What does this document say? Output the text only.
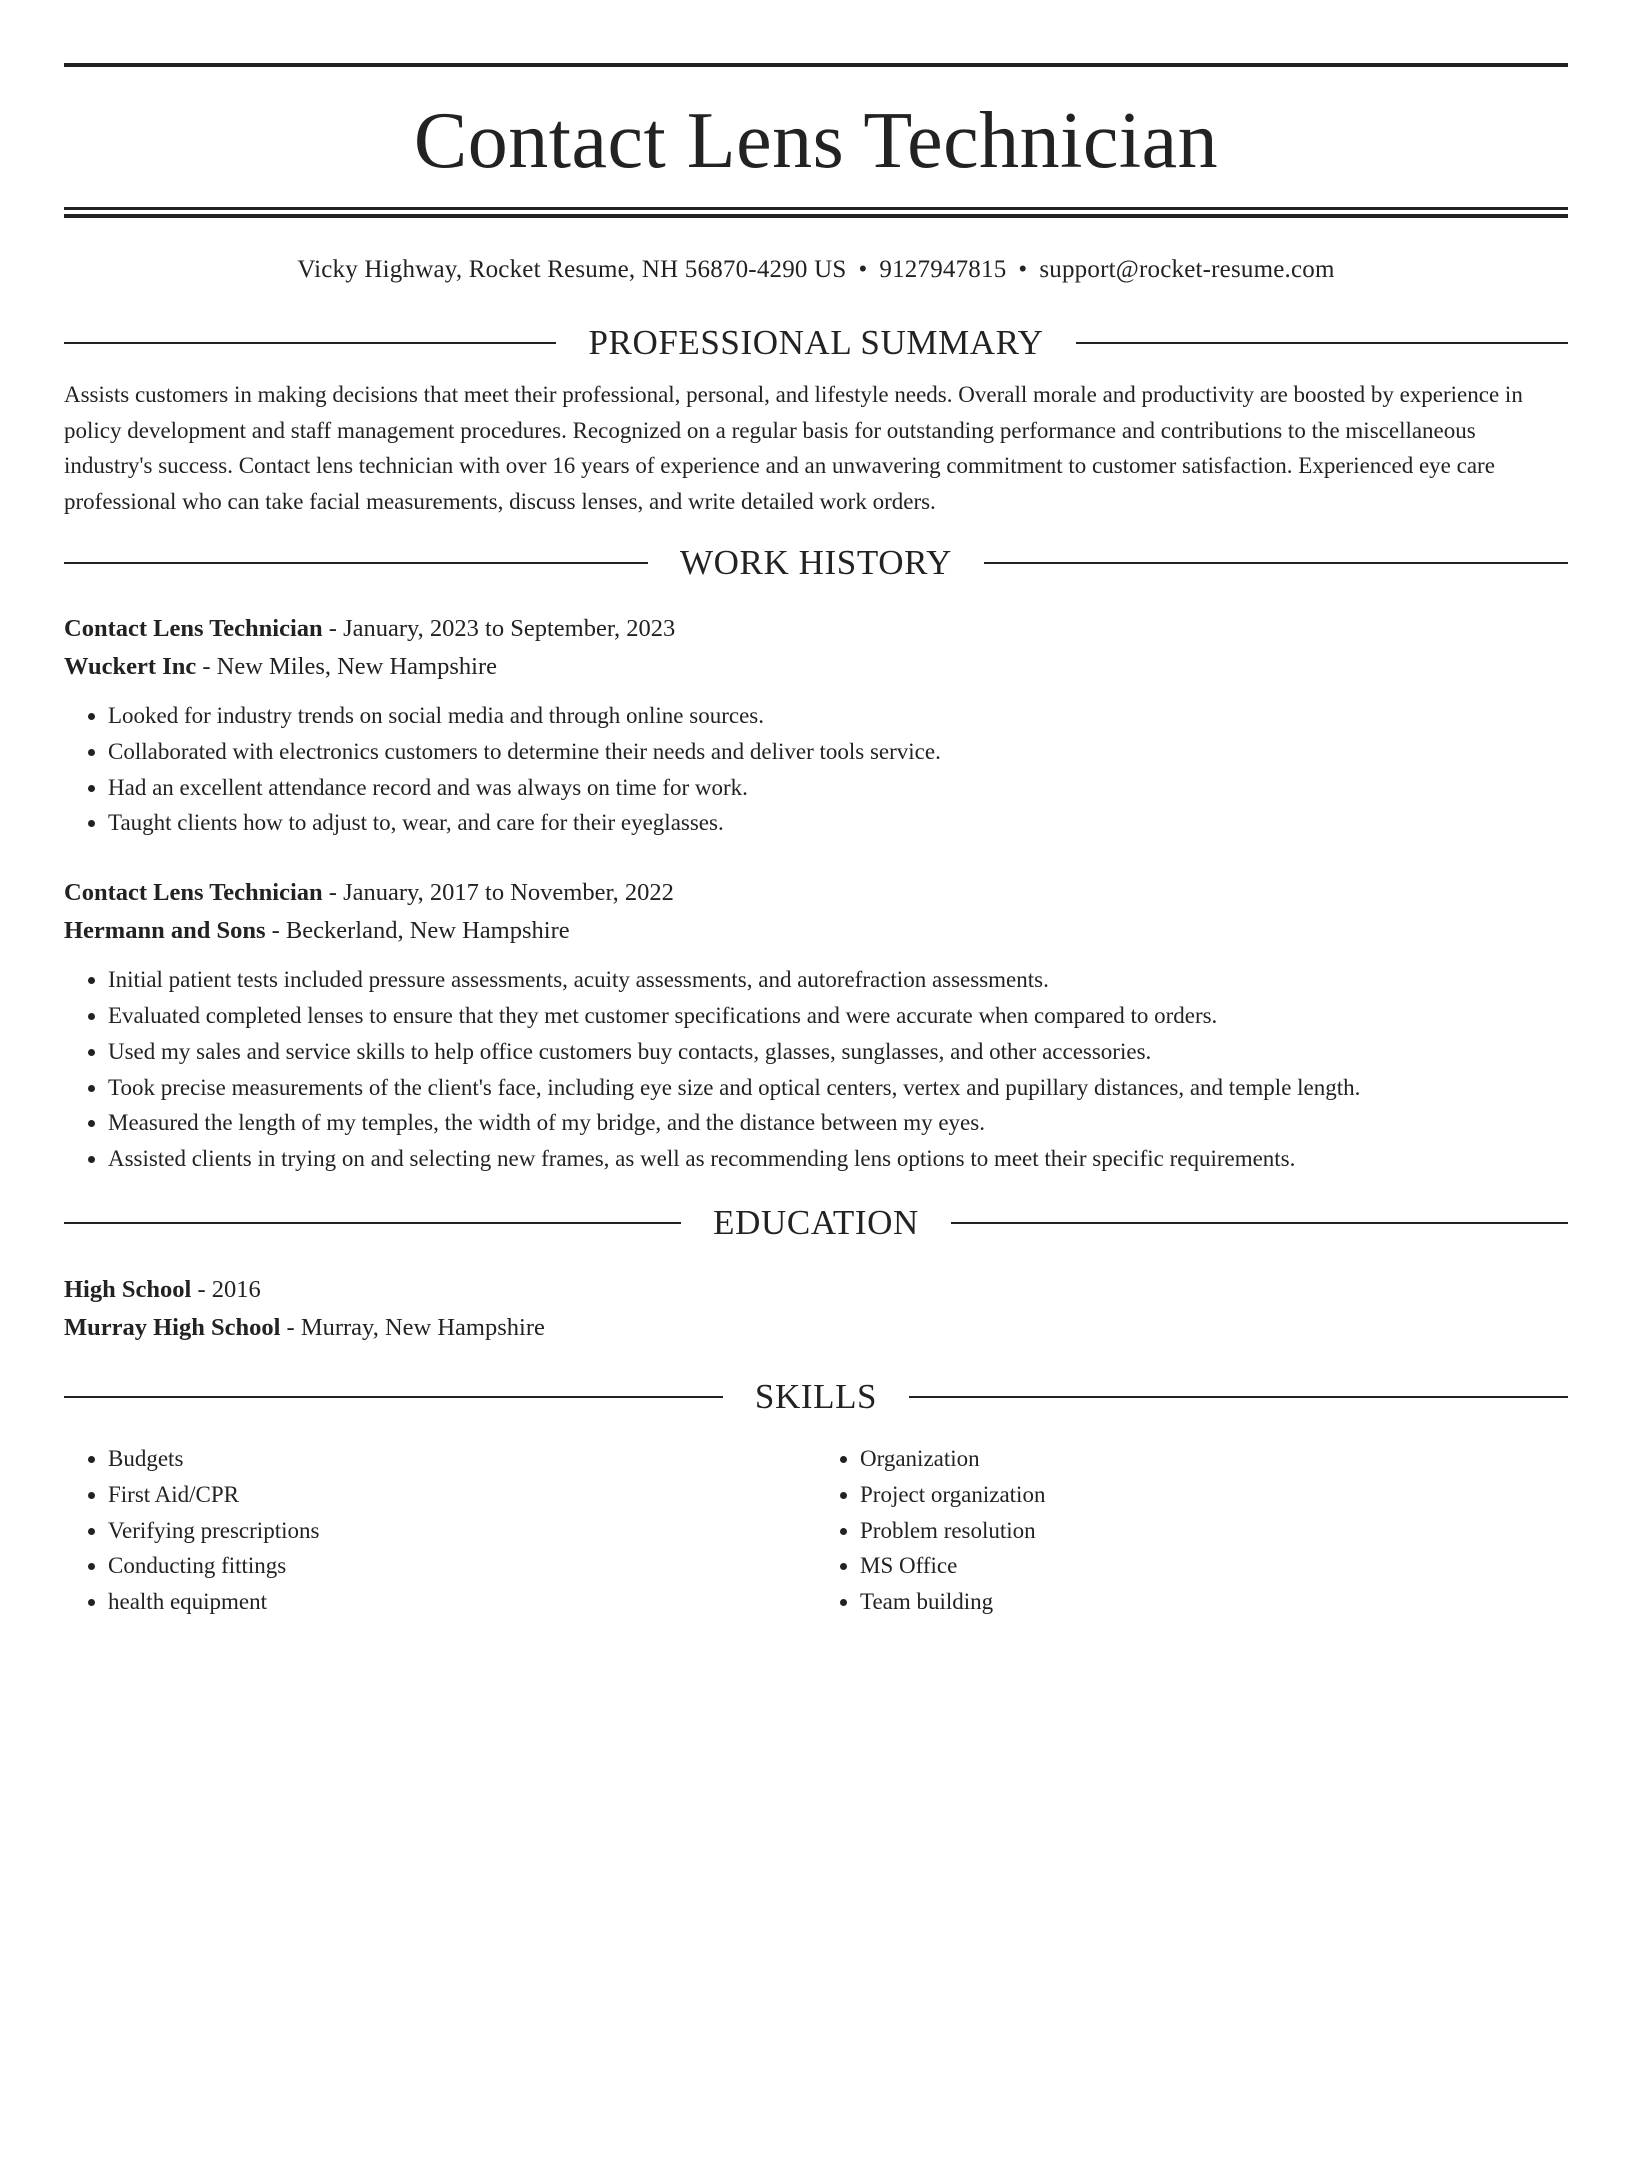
Contact Lens Technician
Vicky Highway, Rocket Resume, NH 56870-4290 US • 9127947815 • support@rocket-resume.com
PROFESSIONAL SUMMARY

Assists customers in making decisions that meet their professional, personal, and lifestyle needs. Overall morale and productivity are boosted by experience in policy development and staff management procedures. Recognized on a regular basis for outstanding performance and contributions to the miscellaneous industry's success. Contact lens technician with over 16 years of experience and an unwavering commitment to customer satisfaction. Experienced eye care professional who can take facial measurements, discuss lenses, and write detailed work orders.

WORK HISTORY
Contact Lens Technician - January, 2023 to September, 2023
Wuckert Inc - New Miles, New Hampshire
• Looked for industry trends on social media and through online sources.
• Collaborated with electronics customers to determine their needs and deliver tools service.
• Had an excellent attendance record and was always on time for work.
• Taught clients how to adjust to, wear, and care for their eyeglasses.
Contact Lens Technician - January, 2017 to November, 2022
Hermann and Sons - Beckerland, New Hampshire
• Initial patient tests included pressure assessments, acuity assessments, and autorefraction assessments.
• Evaluated completed lenses to ensure that they met customer specifications and were accurate when compared to orders.
• Used my sales and service skills to help office customers buy contacts, glasses, sunglasses, and other accessories.
• Took precise measurements of the client's face, including eye size and optical centers, vertex and pupillary distances, and temple length.
• Measured the length of my temples, the width of my bridge, and the distance between my eyes.
• Assisted clients in trying on and selecting new frames, as well as recommending lens options to meet their specific requirements.
EDUCATION
High School - 2016
Murray High School - Murray, New Hampshire
SKILLS
• Budgets
• First Aid/CPR
• Verifying prescriptions
• Conducting fittings
• health equipment
• Organization
• Project organization
• Problem resolution
• MS Office
• Team building
